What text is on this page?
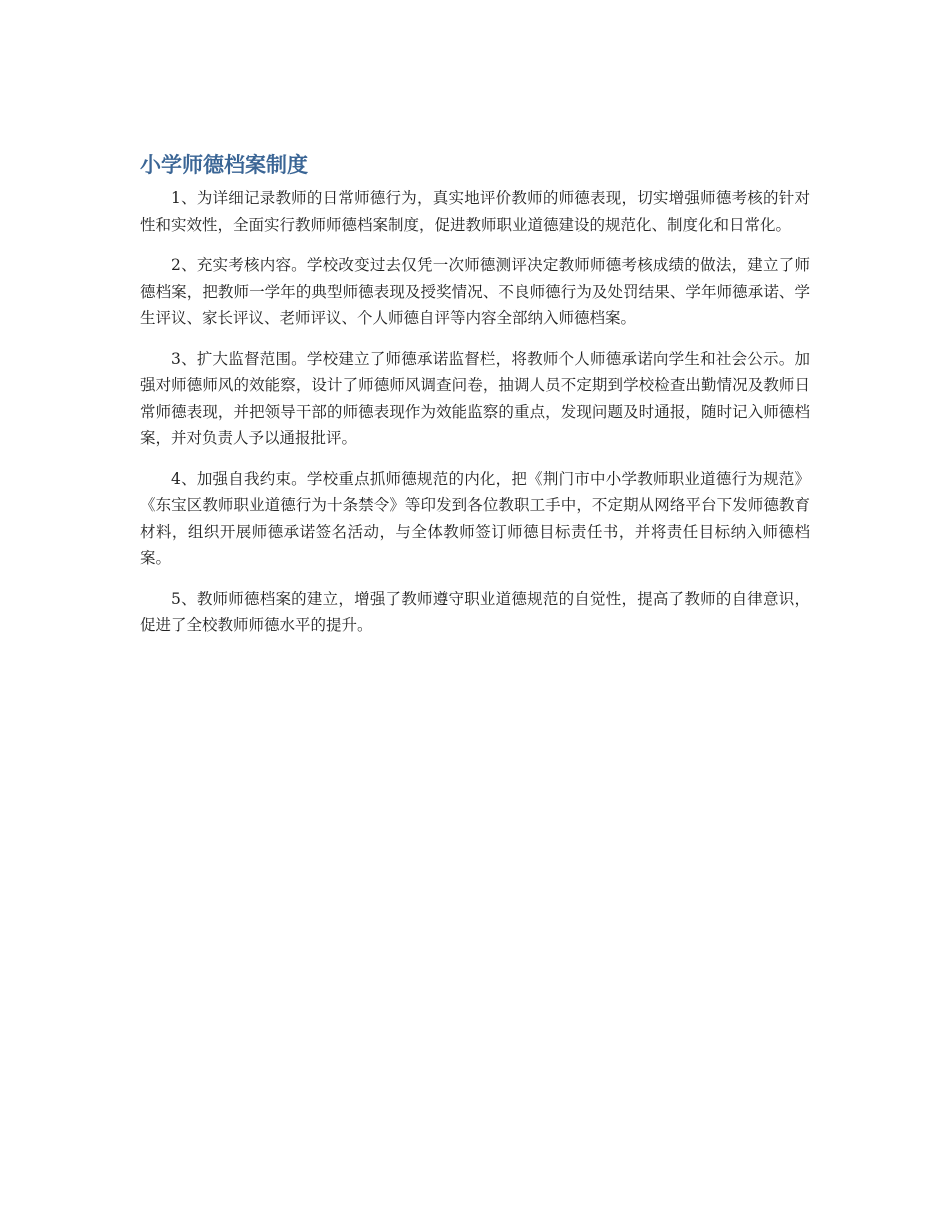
小学师德档案制度

1、为详细记录教师的日常师德行为，真实地评价教师的师德表现，切实增强师德考核的针对性和实效性，全面实行教师师德档案制度，促进教师职业道德建设的规范化、制度化和日常化。

2、充实考核内容。学校改变过去仅凭一次师德测评决定教师师德考核成绩的做法，建立了师德档案，把教师一学年的典型师德表现及授奖情况、不良师德行为及处罚结果、学年师德承诺、学生评议、家长评议、老师评议、个人师德自评等内容全部纳入师德档案。

3、扩大监督范围。学校建立了师德承诺监督栏，将教师个人师德承诺向学生和社会公示。加强对师德师风的效能察，设计了师德师风调查问卷，抽调人员不定期到学校检查出勤情况及教师日常师德表现，并把领导干部的师德表现作为效能监察的重点，发现问题及时通报，随时记入师德档案，并对负责人予以通报批评。

4、加强自我约束。学校重点抓师德规范的内化，把《荆门市中小学教师职业道德行为规范》《东宝区教师职业道德行为十条禁令》等印发到各位教职工手中，不定期从网络平台下发师德教育材料，组织开展师德承诺签名活动，与全体教师签订师德目标责任书，并将责任目标纳入师德档案。

5、教师师德档案的建立，增强了教师遵守职业道德规范的自觉性，提高了教师的自律意识，促进了全校教师师德水平的提升。
